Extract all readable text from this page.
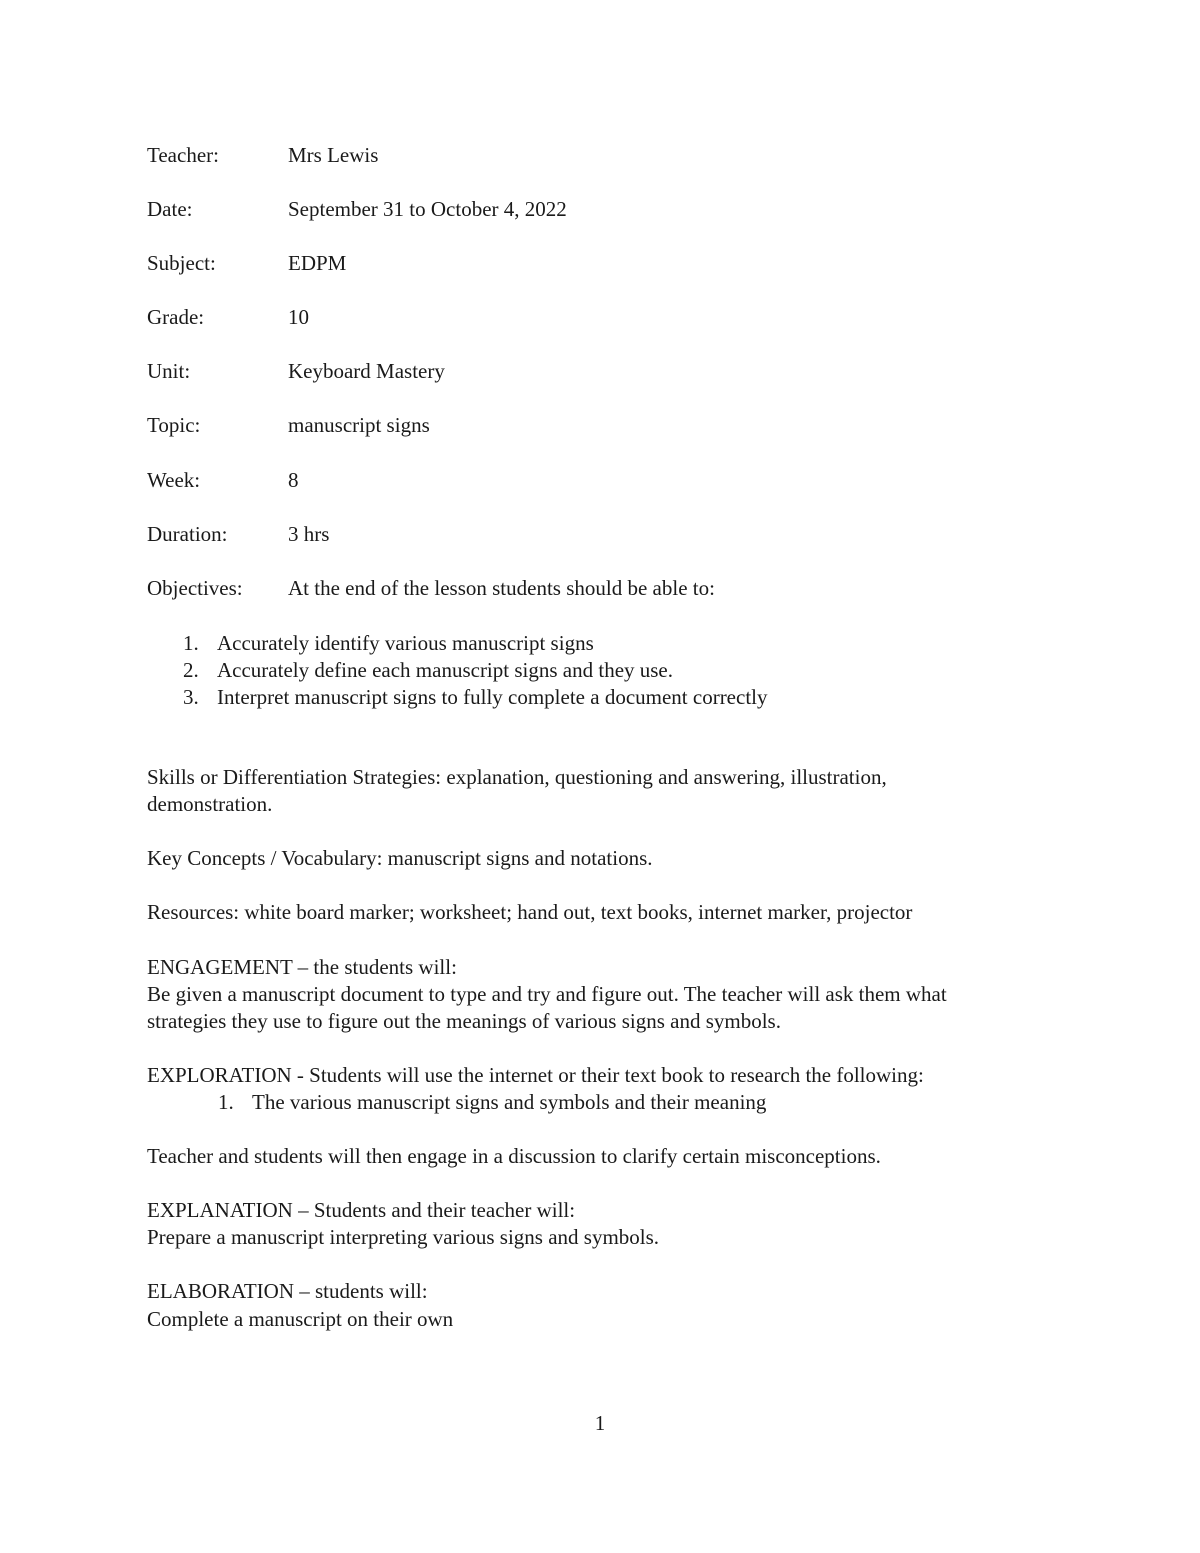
Teacher:	Mrs Lewis
Date:	September 31 to October 4, 2022
Subject:	EDPM
Grade:	10
Unit:	Keyboard Mastery
Topic:	manuscript signs
Week:	8
Duration:	3 hrs
Objectives: At the end of the lesson students should be able to:
1. Accurately identify various manuscript signs
2. Accurately define each manuscript signs and they use.
3. Interpret manuscript signs to fully complete a document correctly
Skills or Differentiation Strategies: explanation, questioning and answering, illustration,
demonstration.
Key Concepts / Vocabulary: manuscript signs and notations.
Resources: white board marker; worksheet; hand out, text books, internet marker, projector
ENGAGEMENT – the students will:
Be given a manuscript document to type and try and figure out. The teacher will ask them what
strategies they use to figure out the meanings of various signs and symbols.
EXPLORATION - Students will use the internet or their text book to research the following:
1. The various manuscript signs and symbols and their meaning
Teacher and students will then engage in a discussion to clarify certain misconceptions.
EXPLANATION – Students and their teacher will:
Prepare a manuscript interpreting various signs and symbols.
ELABORATION – students will:
Complete a manuscript on their own
1
